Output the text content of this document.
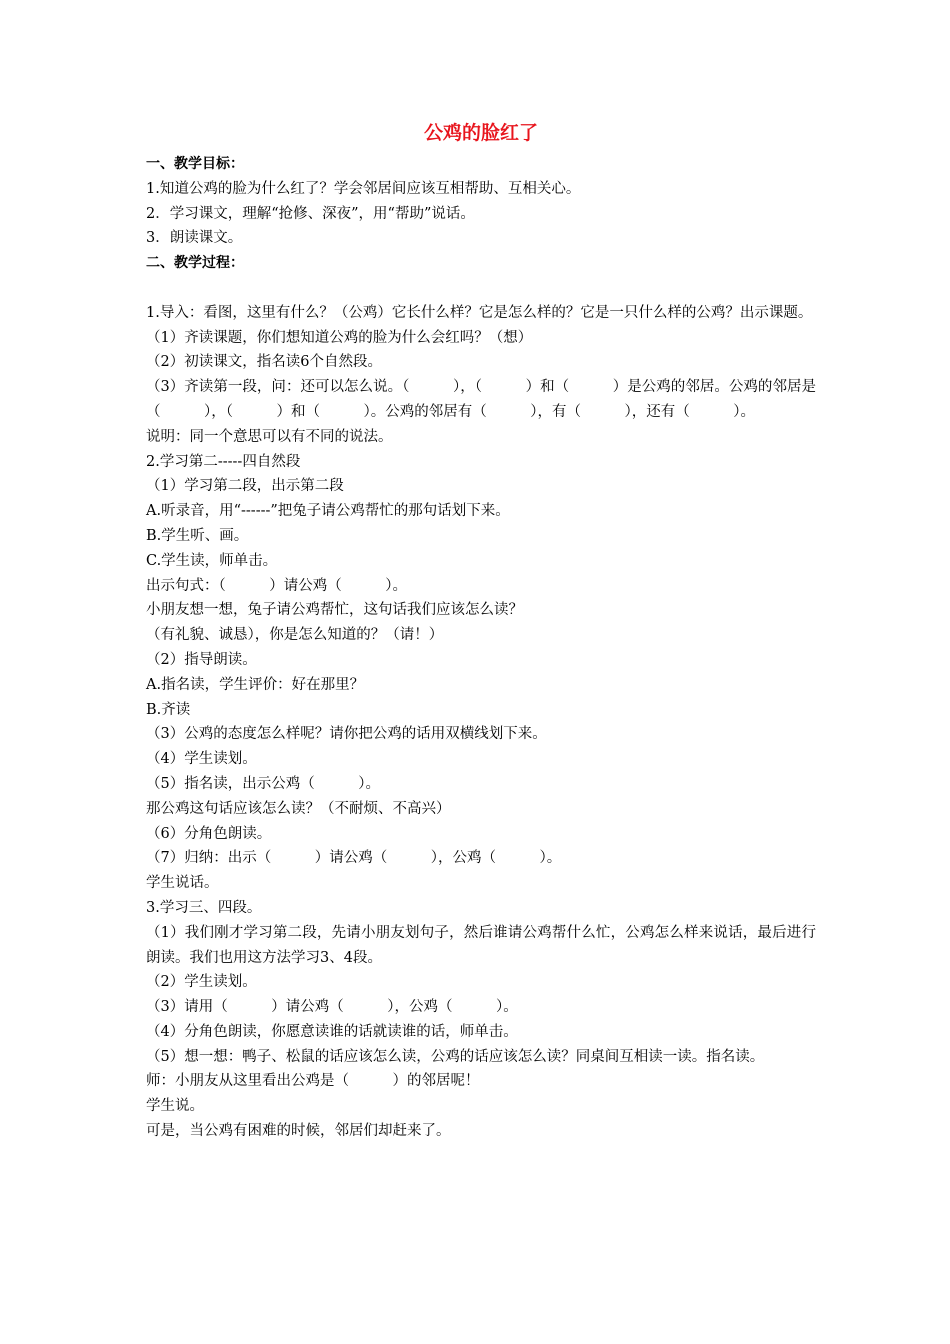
公鸡的脸红了
一、教学目标：
1.知道公鸡的脸为什么红了？学会邻居间应该互相帮助、互相关心。
2．学习课文，理解“抢修、深夜”，用“帮助”说话。
3．朗读课文。
二、教学过程：
1.导入：看图，这里有什么？（公鸡）它长什么样？它是怎么样的？它是一只什么样的公鸡？出示课题。
（1）齐读课题，你们想知道公鸡的脸为什么会红吗？（想）
（2）初读课文，指名读6个自然段。
（3）齐读第一段，问：还可以怎么说。（　　　），（　　　）和（　　　）是公鸡的邻居。公鸡的邻居是（　　　），（　　　）和（　　　）。公鸡的邻居有（　　　），有（　　　），还有（　　　）。
说明：同一个意思可以有不同的说法。
2.学习第二-----四自然段
（1）学习第二段，出示第二段
A.听录音，用“------”把兔子请公鸡帮忙的那句话划下来。
B.学生听、画。
C.学生读，师单击。
出示句式：（　　　）请公鸡（　　　）。
小朋友想一想，兔子请公鸡帮忙，这句话我们应该怎么读？
（有礼貌、诚恳），你是怎么知道的？（请！）
（2）指导朗读。
A.指名读，学生评价：好在那里？
B.齐读
（3）公鸡的态度怎么样呢？请你把公鸡的话用双横线划下来。
（4）学生读划。
（5）指名读，出示公鸡（　　　）。
那公鸡这句话应该怎么读？（不耐烦、不高兴）
（6）分角色朗读。
（7）归纳：出示（　　　）请公鸡（　　　），公鸡（　　　）。
学生说话。
3.学习三、四段。
（1）我们刚才学习第二段，先请小朋友划句子，然后谁请公鸡帮什么忙，公鸡怎么样来说话，最后进行朗读。我们也用这方法学习3、4段。
（2）学生读划。
（3）请用（　　　）请公鸡（　　　），公鸡（　　　）。
（4）分角色朗读，你愿意读谁的话就读谁的话，师单击。
（5）想一想：鸭子、松鼠的话应该怎么读，公鸡的话应该怎么读？同桌间互相读一读。指名读。
师：小朋友从这里看出公鸡是（　　　）的邻居呢！
学生说。
可是，当公鸡有困难的时候，邻居们却赶来了。
